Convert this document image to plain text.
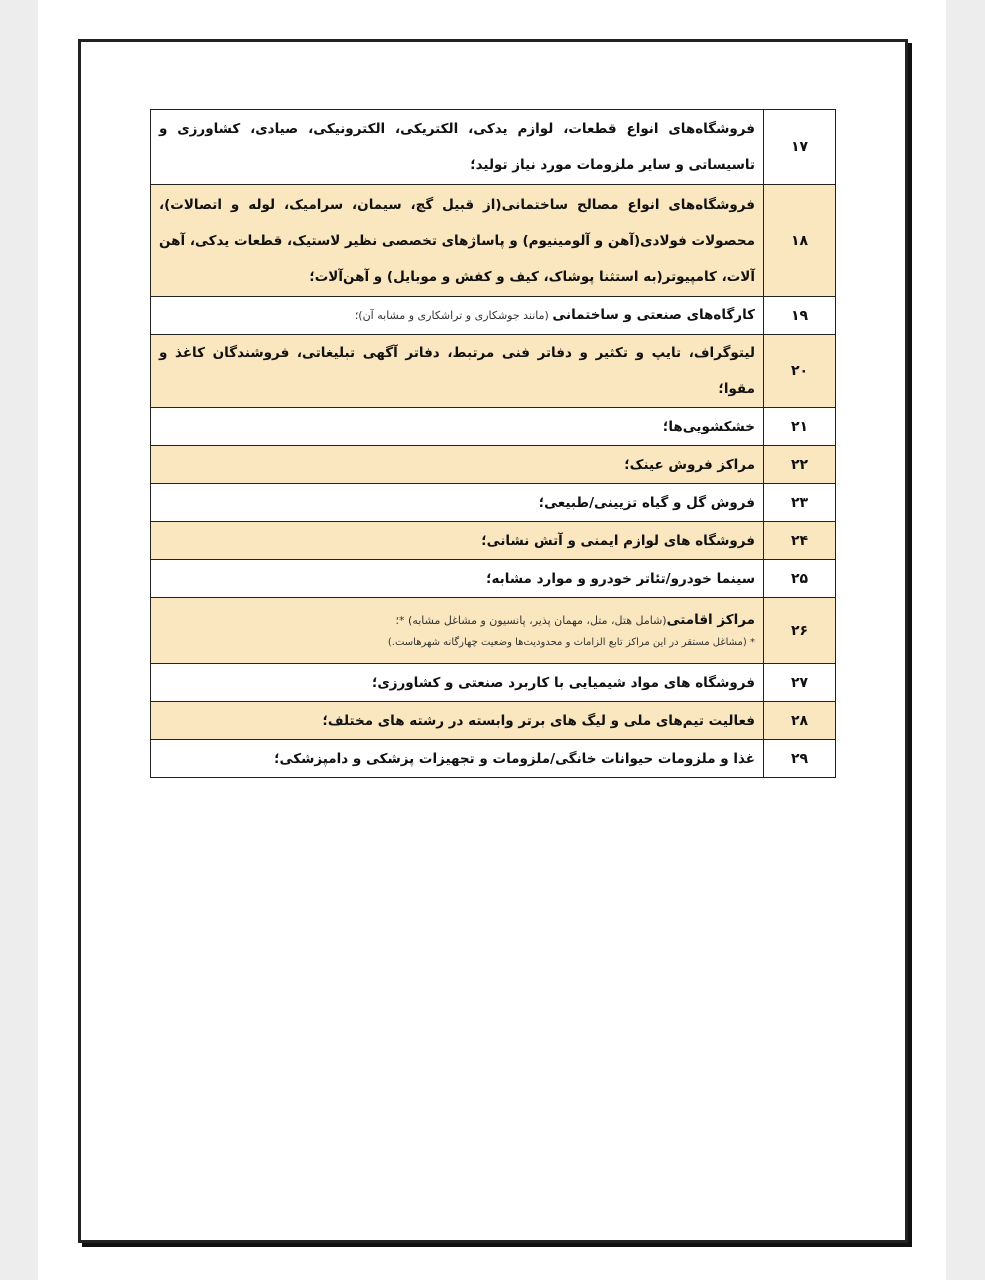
۱۷	فروشگاه‌های انواع قطعات، لوازم یدکی، الکتریکی، الکترونیکی، صیادی، کشاورزی و تاسیساتی و سایر ملزومات مورد نیاز تولید؛
۱۸	فروشگاه‌های انواع مصالح ساختمانی(از قبیل گچ، سیمان، سرامیک، لوله و اتصالات)، محصولات فولادی(آهن و آلومینیوم) و پاساژهای تخصصی نظیر لاستیک، قطعات یدکی، آهن آلات، کامپیوتر(به استثنا پوشاک، کیف و کفش و موبایل) و آهن‌آلات؛
۱۹	کارگاه‌های صنعتی و ساختمانی (مانند جوشکاری و تراشکاری و مشابه آن)؛
۲۰	لیتوگراف، تایپ و تکثیر و دفاتر فنی مرتبط، دفاتر آگهی تبلیغاتی، فروشندگان کاغذ و مقوا؛
۲۱	خشکشویی‌ها؛
۲۲	مراکز فروش عینک؛
۲۳	فروش گل و گیاه تزیینی/طبیعی؛
۲۴	فروشگاه های لوازم ایمنی و آتش نشانی؛
۲۵	سینما خودرو/تئاتر خودرو و موارد مشابه؛
۲۶	مراکز اقامتی(شامل هتل، متل، مهمان پذیر، پانسیون و مشاغل مشابه) *؛
* (مشاغل مستقر در این مراکز تابع الزامات و محدودیت‌ها وضعیت چهارگانه شهرهاست.)

۲۷	فروشگاه های مواد شیمیایی با کاربرد صنعتی و کشاورزی؛
۲۸	فعالیت تیم‌های ملی و لیگ های برتر وابسته در رشته های مختلف؛
۲۹	غذا و ملزومات حیوانات خانگی/ملزومات و تجهیزات پزشکی و دامپزشکی؛
